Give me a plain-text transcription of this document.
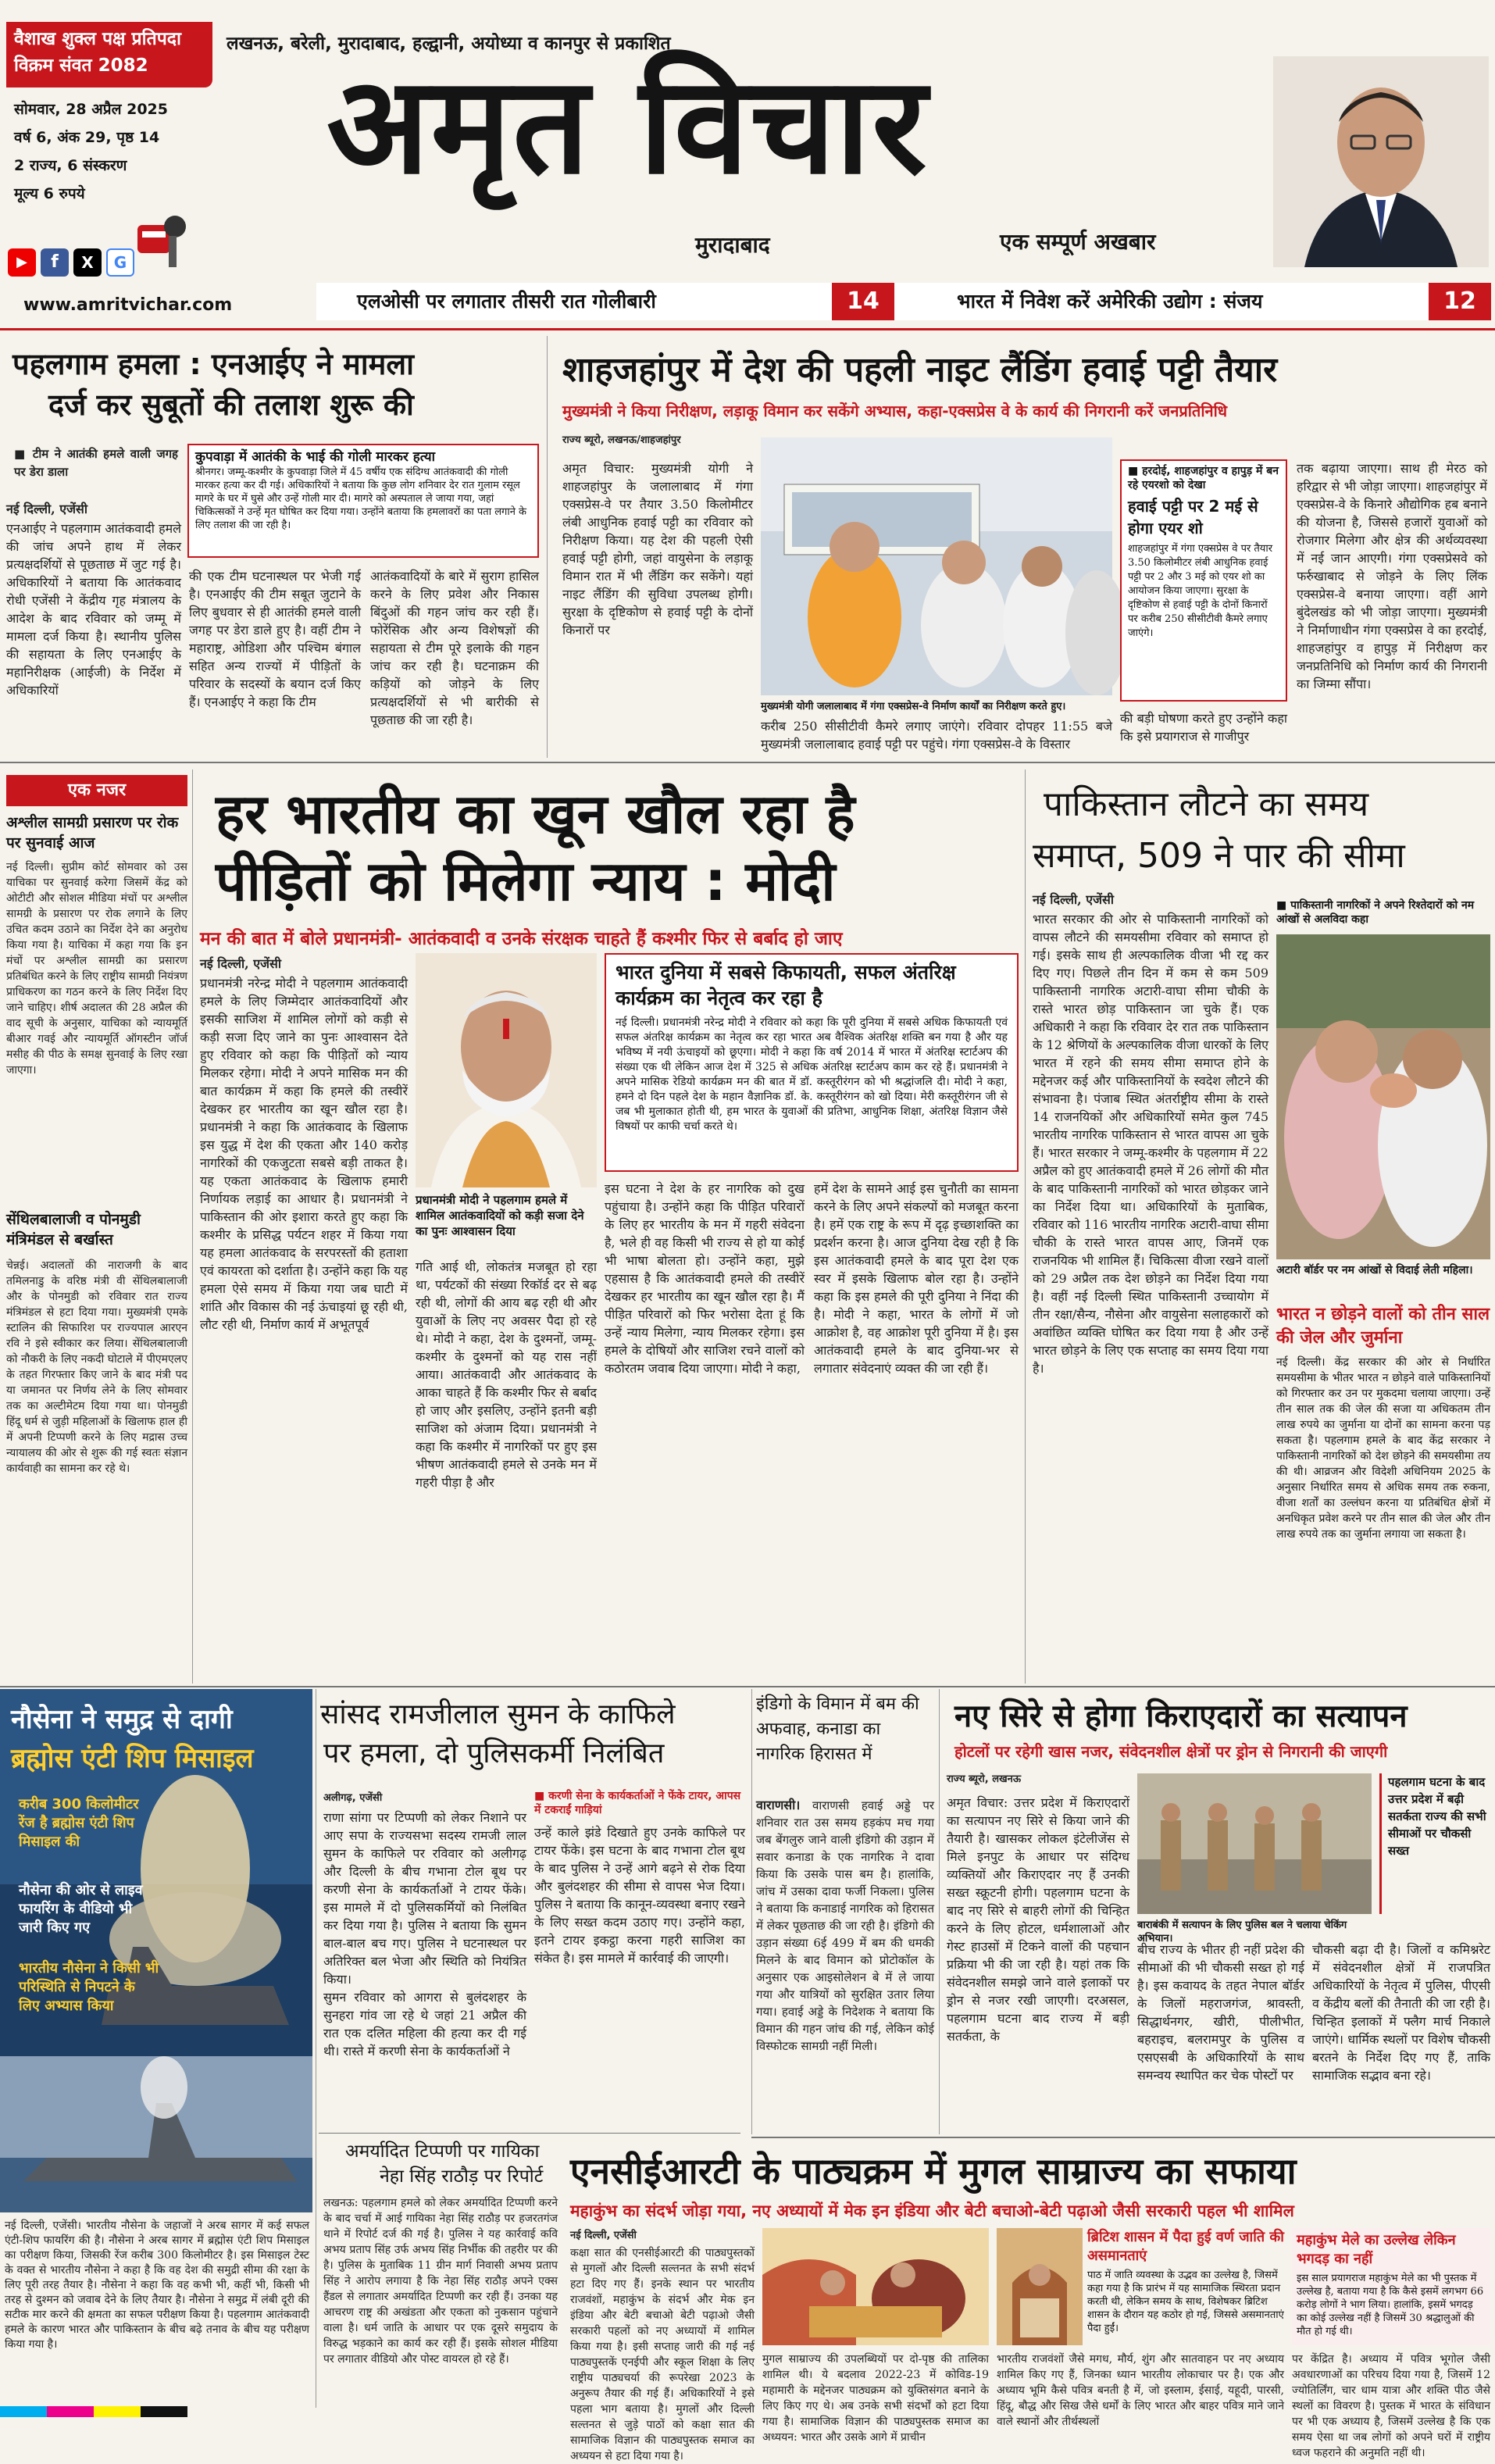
वैशाख शुक्ल पक्ष प्रतिपदा
विक्रम संवत 2082
लखनऊ, बरेली, मुरादाबाद, हल्द्वानी, अयोध्या व कानपुर से प्रकाशित
सोमवार, 28 अप्रैल 2025
वर्ष 6, अंक 29, पृष्ठ 14
2 राज्य, 6 संस्करण
मूल्य 6 रुपये
▶	f	X	G
www.amritvichar.com
अमृत विचार
मुरादाबाद	एक सम्पूर्ण अखबार
एलओसी पर लगातार तीसरी रात गोलीबारी	14	भारत में निवेश करें अमेरिकी उद्योग : संजय	12
पहलगाम हमला : एनआईए ने मामला
दर्ज कर सुबूतों की तलाश शुरू की
■ टीम ने आतंकी हमले वाली जगह पर डेरा डाला
नई दिल्ली, एजेंसी
एनआईए ने पहलगाम आतंकवादी हमले की जांच अपने हाथ में लेकर प्रत्यक्षदर्शियों से पूछताछ में जुट गई है। अधिकारियों ने बताया कि आतंकवाद रोधी एजेंसी ने केंद्रीय गृह मंत्रालय के आदेश के बाद रविवार को जम्मू में मामला दर्ज किया है। स्थानीय पुलिस की सहायता के लिए एनआईए के महानिरीक्षक (आईजी) के निर्देश में अधिकारियों
कुपवाड़ा में आतंकी के भाई की गोली मारकर हत्या
श्रीनगर। जम्मू-कश्मीर के कुपवाड़ा जिले में 45 वर्षीय एक संदिग्ध आतंकवादी की गोली मारकर हत्या कर दी गई। अधिकारियों ने बताया कि कुछ लोग शनिवार देर रात गुलाम रसूल मागरे के घर में घुसे और उन्हें गोली मार दी। मागरे को अस्पताल ले जाया गया, जहां चिकित्सकों ने उन्हें मृत घोषित कर दिया गया। उन्होंने बताया कि हमलावरों का पता लगाने के लिए तलाश की जा रही है।
की एक टीम घटनास्थल पर भेजी गई है। एनआईए की टीम सबूत जुटाने के लिए बुधवार से ही आतंकी हमले वाली जगह पर डेरा डाले हुए है। वहीं टीम ने महाराष्ट्र, ओडिशा और पश्चिम बंगाल सहित अन्य राज्यों में पीड़ितों के परिवार के सदस्यों के बयान दर्ज किए हैं। एनआईए ने कहा कि टीम
आतंकवादियों के बारे में सुराग हासिल करने के लिए प्रवेश और निकास बिंदुओं की गहन जांच कर रही हैं। फोरेंसिक और अन्य विशेषज्ञों की सहायता से टीम पूरे इलाके की गहन जांच कर रही है। घटनाक्रम की कड़ियों को जोड़ने के लिए प्रत्यक्षदर्शियों से भी बारीकी से पूछताछ की जा रही है।
शाहजहांपुर में देश की पहली नाइट लैंडिंग हवाई पट्टी तैयार
मुख्यमंत्री ने किया निरीक्षण, लड़ाकू विमान कर सकेंगे अभ्यास, कहा-एक्सप्रेस वे के कार्य की निगरानी करें जनप्रतिनिधि
राज्य ब्यूरो, लखनऊ/शाहजहांपुर
अमृत विचार: मुख्यमंत्री योगी ने शाहजहांपुर के जलालाबाद में गंगा एक्सप्रेस-वे पर तैयार 3.50 किलोमीटर लंबी आधुनिक हवाई पट्टी का रविवार को निरीक्षण किया। यह देश की पहली ऐसी हवाई पट्टी होगी, जहां वायुसेना के लड़ाकू विमान रात में भी लैंडिंग कर सकेंगे। यहां नाइट लैंडिंग की सुविधा उपलब्ध होगी। सुरक्षा के दृष्टिकोण से हवाई पट्टी के दोनों किनारों पर
मुख्यमंत्री योगी जलालाबाद में गंगा एक्सप्रेस-वे निर्माण कार्यों का निरीक्षण करते हुए।
करीब 250 सीसीटीवी कैमरे लगाए जाएंगे। रविवार दोपहर 11:55 बजे मुख्यमंत्री जलालाबाद हवाई पट्टी पर पहुंचे। गंगा एक्सप्रेस-वे के विस्तार
■ हरदोई, शाहजहांपुर व हापुड़ में बन रहे एयरशो को देखा
हवाई पट्टी पर 2 मई से होगा एयर शो
शाहजहांपुर में गंगा एक्सप्रेस वे पर तैयार 3.50 किलोमीटर लंबी आधुनिक हवाई पट्टी पर 2 और 3 मई को एयर शो का आयोजन किया जाएगा। सुरक्षा के दृष्टिकोण से हवाई पट्टी के दोनों किनारों पर करीब 250 सीसीटीवी कैमरे लगाए जाएंगे।
की बड़ी घोषणा करते हुए उन्होंने कहा कि इसे प्रयागराज से गाजीपुर
तक बढ़ाया जाएगा। साथ ही मेरठ को हरिद्वार से भी जोड़ा जाएगा। शाहजहांपुर में एक्सप्रेस-वे के किनारे औद्योगिक हब बनाने की योजना है, जिससे हजारों युवाओं को रोजगार मिलेगा और क्षेत्र की अर्थव्यवस्था में नई जान आएगी। गंगा एक्सप्रेसवे को फर्रुखाबाद से जोड़ने के लिए लिंक एक्सप्रेस-वे बनाया जाएगा। वहीं आगे बुंदेलखंड को भी जोड़ा जाएगा। मुख्यमंत्री ने निर्माणाधीन गंगा एक्सप्रेस वे का हरदोई, शाहजहांपुर व हापुड़ में निरीक्षण कर जनप्रतिनिधि को निर्माण कार्य की निगरानी का जिम्मा सौंपा।
एक नजर
अश्लील सामग्री प्रसारण पर रोक पर सुनवाई आज
नई दिल्ली। सुप्रीम कोर्ट सोमवार को उस याचिका पर सुनवाई करेगा जिसमें केंद्र को ओटीटी और सोशल मीडिया मंचों पर अश्लील सामग्री के प्रसारण पर रोक लगाने के लिए उचित कदम उठाने का निर्देश देने का अनुरोध किया गया है। याचिका में कहा गया कि इन मंचों पर अश्लील सामग्री का प्रसारण प्रतिबंधित करने के लिए राष्ट्रीय सामग्री नियंत्रण प्राधिकरण का गठन करने के लिए निर्देश दिए जाने चाहिए। शीर्ष अदालत की 28 अप्रैल की वाद सूची के अनुसार, याचिका को न्यायमूर्ति बीआर गवई और न्यायमूर्ति ऑगस्टीन जॉर्ज मसीह की पीठ के समक्ष सुनवाई के लिए रखा जाएगा।
सेंथिलबालाजी व पोनमुडी मंत्रिमंडल से बर्खास्त
चेन्नई। अदालतों की नाराजगी के बाद तमिलनाडु के वरिष्ठ मंत्री वी सेंथिलबालाजी और के पोनमुडी को रविवार रात राज्य मंत्रिमंडल से हटा दिया गया। मुख्यमंत्री एमके स्टालिन की सिफारिश पर राज्यपाल आरएन रवि ने इसे स्वीकार कर लिया। सेंथिलबालाजी को नौकरी के लिए नकदी घोटाले में पीएमएलए के तहत गिरफ्तार किए जाने के बाद मंत्री पद या जमानत पर निर्णय लेने के लिए सोमवार तक का अल्टीमेटम दिया गया था। पोनमुडी हिंदू धर्म से जुड़ी महिलाओं के खिलाफ हाल ही में अपनी टिप्पणी करने के लिए मद्रास उच्च न्यायालय की ओर से शुरू की गई स्वतः संज्ञान कार्यवाही का सामना कर रहे थे।
हर भारतीय का खून खौल रहा है
पीड़ितों को मिलेगा न्याय : मोदी
मन की बात में बोले प्रधानमंत्री- आतंकवादी व उनके संरक्षक चाहते हैं कश्मीर फिर से बर्बाद हो जाए
नई दिल्ली, एजेंसी
प्रधानमंत्री नरेन्द्र मोदी ने पहलगाम आतंकवादी हमले के लिए जिम्मेदार आतंकवादियों और इसकी साजिश में शामिल लोगों को कड़ी से कड़ी सजा दिए जाने का पुनः आश्वासन देते हुए रविवार को कहा कि पीड़ितों को न्याय मिलकर रहेगा। मोदी ने अपने मासिक मन की बात कार्यक्रम में कहा कि हमले की तस्वीरें देखकर हर भारतीय का खून खौल रहा है। प्रधानमंत्री ने कहा कि आतंकवाद के खिलाफ इस युद्ध में देश की एकता और 140 करोड़ नागरिकों की एकजुटता सबसे बड़ी ताकत है। यह एकता आतंकवाद के खिलाफ हमारी निर्णायक लड़ाई का आधार है। प्रधानमंत्री ने पाकिस्तान की ओर इशारा करते हुए कहा कि कश्मीर के प्रसिद्ध पर्यटन शहर में किया गया यह हमला आतंकवाद के सरपरस्तों की हताशा एवं कायरता को दर्शाता है। उन्होंने कहा कि यह हमला ऐसे समय में किया गया जब घाटी में शांति और विकास की नई ऊंचाइयां छू रही थी, लौट रही थी, निर्माण कार्य में अभूतपूर्व
प्रधानमंत्री मोदी ने पहलगाम हमले में शामिल आतंकवादियों को कड़ी सजा देने का पुनः आश्वासन दिया
भारत दुनिया में सबसे किफायती, सफल अंतरिक्ष कार्यक्रम का नेतृत्व कर रहा है
नई दिल्ली। प्रधानमंत्री नरेन्द्र मोदी ने रविवार को कहा कि पूरी दुनिया में सबसे अधिक किफायती एवं सफल अंतरिक्ष कार्यक्रम का नेतृत्व कर रहा भारत अब वैश्विक अंतरिक्ष शक्ति बन गया है और यह भविष्य में नयी ऊंचाइयों को छूएगा। मोदी ने कहा कि वर्ष 2014 में भारत में अंतरिक्ष स्टार्टअप की संख्या एक थी लेकिन आज देश में 325 से अधिक अंतरिक्ष स्टार्टअप काम कर रहे हैं। प्रधानमंत्री ने अपने मासिक रेडियो कार्यक्रम मन की बात में डॉ. कस्तूरीरंगन को भी श्रद्धांजलि दी। मोदी ने कहा, हमने दो दिन पहले देश के महान वैज्ञानिक डॉ. के. कस्तूरीरंगन को खो दिया। मेरी कस्तूरीरंगन जी से जब भी मुलाकात होती थी, हम भारत के युवाओं की प्रतिभा, आधुनिक शिक्षा, अंतरिक्ष विज्ञान जैसे विषयों पर काफी चर्चा करते थे।
गति आई थी, लोकतंत्र मजबूत हो रहा था, पर्यटकों की संख्या रिकॉर्ड दर से बढ़ रही थी, लोगों की आय बढ़ रही थी और युवाओं के लिए नए अवसर पैदा हो रहे थे। मोदी ने कहा, देश के दुश्मनों, जम्मू-कश्मीर के दुश्मनों को यह रास नहीं आया। आतंकवादी और आतंकवाद के आका चाहते हैं कि कश्मीर फिर से बर्बाद हो जाए और इसलिए, उन्होंने इतनी बड़ी साजिश को अंजाम दिया। प्रधानमंत्री ने कहा कि कश्मीर में नागरिकों पर हुए इस भीषण आतंकवादी हमले से उनके मन में गहरी पीड़ा है और
इस घटना ने देश के हर नागरिक को दुख पहुंचाया है। उन्होंने कहा कि पीड़ित परिवारों के लिए हर भारतीय के मन में गहरी संवेदना है, भले ही वह किसी भी राज्य से हो या कोई भी भाषा बोलता हो। उन्होंने कहा, मुझे एहसास है कि आतंकवादी हमले की तस्वीरें देखकर हर भारतीय का खून खौल रहा है। मैं पीड़ित परिवारों को फिर भरोसा देता हूं कि उन्हें न्याय मिलेगा, न्याय मिलकर रहेगा। इस हमले के दोषियों और साजिश रचने वालों को कठोरतम जवाब दिया जाएगा। मोदी ने कहा,
हमें देश के सामने आई इस चुनौती का सामना करने के लिए अपने संकल्पों को मजबूत करना है। हमें एक राष्ट्र के रूप में दृढ़ इच्छाशक्ति का प्रदर्शन करना है। आज दुनिया देख रही है कि इस आतंकवादी हमले के बाद पूरा देश एक स्वर में इसके खिलाफ बोल रहा है। उन्होंने कहा कि इस हमले की पूरी दुनिया ने निंदा की है। मोदी ने कहा, भारत के लोगों में जो आक्रोश है, वह आक्रोश पूरी दुनिया में है। इस आतंकवादी हमले के बाद दुनिया-भर से लगातार संवेदनाएं व्यक्त की जा रही हैं।
पाकिस्तान लौटने का समय
समाप्त, 509 ने पार की सीमा
नई दिल्ली, एजेंसी
भारत सरकार की ओर से पाकिस्तानी नागरिकों को वापस लौटने की समयसीमा रविवार को समाप्त हो गई। इसके साथ ही अल्पकालिक वीजा भी रद्द कर दिए गए। पिछले तीन दिन में कम से कम 509 पाकिस्तानी नागरिक अटारी-वाघा सीमा चौकी के रास्ते भारत छोड़ पाकिस्तान जा चुके हैं। एक अधिकारी ने कहा कि रविवार देर रात तक पाकिस्तान के 12 श्रेणियों के अल्पकालिक वीजा धारकों के लिए भारत में रहने की समय सीमा समाप्त होने के मद्देनजर कई और पाकिस्तानियों के स्वदेश लौटने की संभावना है। पंजाब स्थित अंतर्राष्ट्रीय सीमा के रास्ते 14 राजनयिकों और अधिकारियों समेत कुल 745 भारतीय नागरिक पाकिस्तान से भारत वापस आ चुके हैं। भारत सरकार ने जम्मू-कश्मीर के पहलगाम में 22 अप्रैल को हुए आतंकवादी हमले में 26 लोगों की मौत के बाद पाकिस्तानी नागरिकों को भारत छोड़कर जाने का निर्देश दिया था। अधिकारियों के मुताबिक, रविवार को 116 भारतीय नागरिक अटारी-वाघा सीमा चौकी के रास्ते भारत वापस आए, जिनमें एक राजनयिक भी शामिल हैं। चिकित्सा वीजा रखने वालों को 29 अप्रैल तक देश छोड़ने का निर्देश दिया गया है। वहीं नई दिल्ली स्थित पाकिस्तानी उच्चायोग में तीन रक्षा/सैन्य, नौसेना और वायुसेना सलाहकारों को अवांछित व्यक्ति घोषित कर दिया गया है और उन्हें भारत छोड़ने के लिए एक सप्ताह का समय दिया गया है।
■ पाकिस्तानी नागरिकों ने अपने रिश्तेदारों को नम आंखों से अलविदा कहा
अटारी बॉर्डर पर नम आंखों से विदाई लेती महिला।
भारत न छोड़ने वालों को तीन साल की जेल और जुर्माना
नई दिल्ली। केंद्र सरकार की ओर से निर्धारित समयसीमा के भीतर भारत न छोड़ने वाले पाकिस्तानियों को गिरफ्तार कर उन पर मुकदमा चलाया जाएगा। उन्हें तीन साल तक की जेल की सजा या अधिकतम तीन लाख रुपये का जुर्माना या दोनों का सामना करना पड़ सकता है। पहलगाम हमले के बाद केंद्र सरकार ने पाकिस्तानी नागरिकों को देश छोड़ने की समयसीमा तय की थी। आव्रजन और विदेशी अधिनियम 2025 के अनुसार निर्धारित समय से अधिक समय तक रुकना, वीजा शर्तों का उल्लंघन करना या प्रतिबंधित क्षेत्रों में अनधिकृत प्रवेश करने पर तीन साल की जेल और तीन लाख रुपये तक का जुर्माना लगाया जा सकता है।
नौसेना ने समुद्र से दागी
ब्रह्मोस एंटी शिप मिसाइल
करीब 300 किलोमीटर रेंज है ब्रह्मोस एंटी शिप मिसाइल की
नौसेना की ओर से लाइव फायरिंग के वीडियो भी जारी किए गए
भारतीय नौसेना ने किसी भी परिस्थिति से निपटने के लिए अभ्यास किया
नई दिल्ली, एजेंसी। भारतीय नौसेना के जहाजों ने अरब सागर में कई सफल एंटी-शिप फायरिंग की है। नौसेना ने अरब सागर में ब्रह्मोस एंटी शिप मिसाइल का परीक्षण किया, जिसकी रेंज करीब 300 किलोमीटर है। इस मिसाइल टेस्ट के वक्त से भारतीय नौसेना ने कहा है कि वह देश की समुद्री सीमा की रक्षा के लिए पूरी तरह तैयार है। नौसेना ने कहा कि वह कभी भी, कहीं भी, किसी भी तरह से दुश्मन को जवाब देने के लिए तैयार है। नौसेना ने समुद्र में लंबी दूरी की सटीक मार करने की क्षमता का सफल परीक्षण किया है। पहलगाम आतंकवादी हमले के कारण भारत और पाकिस्तान के बीच बढ़े तनाव के बीच यह परीक्षण किया गया है।
सांसद रामजीलाल सुमन के काफिले
पर हमला, दो पुलिसकर्मी निलंबित
अलीगढ़, एजेंसी
राणा सांगा पर टिप्पणी को लेकर निशाने पर आए सपा के राज्यसभा सदस्य रामजी लाल सुमन के काफिले पर रविवार को अलीगढ़ और दिल्ली के बीच गभाना टोल बूथ पर करणी सेना के कार्यकर्ताओं ने टायर फेंके। इस मामले में दो पुलिसकर्मियों को निलंबित कर दिया गया है। पुलिस ने बताया कि सुमन बाल-बाल बच गए। पुलिस ने घटनास्थल पर अतिरिक्त बल भेजा और स्थिति को नियंत्रित किया।
सुमन रविवार को आगरा से बुलंदशहर के सुनहरा गांव जा रहे थे जहां 21 अप्रैल की रात एक दलित महिला की हत्या कर दी गई थी। रास्ते में करणी सेना के कार्यकर्ताओं ने
■ करणी सेना के कार्यकर्ताओं ने फेंके टायर, आपस में टकराईं गाड़ियां
उन्हें काले झंडे दिखाते हुए उनके काफिले पर टायर फेंके। इस घटना के बाद गभाना टोल बूथ के बाद पुलिस ने उन्हें आगे बढ़ने से रोक दिया और बुलंदशहर की सीमा से वापस भेज दिया। पुलिस ने बताया कि कानून-व्यवस्था बनाए रखने के लिए सख्त कदम उठाए गए। उन्होंने कहा, इतने टायर इकट्ठा करना गहरी साजिश का संकेत है। इस मामले में कार्रवाई की जाएगी।
अमर्यादित टिप्पणी पर गायिका
नेहा सिंह राठौड़ पर रिपोर्ट
लखनऊ: पहलगाम हमले को लेकर अमर्यादित टिप्पणी करने के बाद चर्चा में आई गायिका नेहा सिंह राठौड़ पर हजरतगंज थाने में रिपोर्ट दर्ज की गई है। पुलिस ने यह कार्रवाई कवि अभय प्रताप सिंह उर्फ अभय सिंह निर्भीक की तहरीर पर की है। पुलिस के मुताबिक 11 ग्रीन मार्ग निवासी अभय प्रताप सिंह ने आरोप लगाया है कि नेहा सिंह राठौड़ अपने एक्स हैंडल से लगातार अमर्यादित टिप्पणी कर रही हैं। उनका यह आचरण राष्ट्र की अखंडता और एकता को नुकसान पहुंचाने वाला है। धर्म जाति के आधार पर एक दूसरे समुदाय के विरुद्ध भड़काने का कार्य कर रही हैं। इसके सोशल मीडिया पर लगातार वीडियो और पोस्ट वायरल हो रहे हैं।
इंडिगो के विमान में बम की अफवाह, कनाडा का नागरिक हिरासत में
वाराणसी। वाराणसी हवाई अड्डे पर शनिवार रात उस समय हड़कंप मच गया जब बेंगलुरु जाने वाली इंडिगो की उड़ान में सवार कनाडा के एक नागरिक ने दावा किया कि उसके पास बम है। हालांकि, जांच में उसका दावा फर्जी निकला। पुलिस ने बताया कि कनाडाई नागरिक को हिरासत में लेकर पूछताछ की जा रही है। इंडिगो की उड़ान संख्या 6ई 499 में बम की धमकी मिलने के बाद विमान को प्रोटोकॉल के अनुसार एक आइसोलेशन बे में ले जाया गया और यात्रियों को सुरक्षित उतार लिया गया। हवाई अड्डे के निदेशक ने बताया कि विमान की गहन जांच की गई, लेकिन कोई विस्फोटक सामग्री नहीं मिली।
नए सिरे से होगा किराएदारों का सत्यापन
होटलों पर रहेगी खास नजर, संवेदनशील क्षेत्रों पर ड्रोन से निगरानी की जाएगी
राज्य ब्यूरो, लखनऊ
अमृत विचार: उत्तर प्रदेश में किराएदारों का सत्यापन नए सिरे से किया जाने की तैयारी है। खासकर लोकल इंटेलीजेंस से मिले इनपुट के आधार पर संदिग्ध व्यक्तियों और किराएदार नए हैं उनकी सख्त स्क्रूटनी होगी। पहलगाम घटना के बाद नए सिरे से बाहरी लोगों की चिन्हित करने के लिए होटल, धर्मशालाओं और गेस्ट हाउसों में टिकने वालों की पहचान प्रक्रिया भी की जा रही है। यहां तक कि संवेदनशील समझे जाने वाले इलाकों पर ड्रोन से नजर रखी जाएगी। दरअसल, पहलगाम घटना बाद राज्य में बड़ी सतर्कता, के
बाराबंकी में सत्यापन के लिए पुलिस बल ने चलाया चेकिंग अभियान।
पहलगाम घटना के बाद उत्तर प्रदेश में बढ़ी सतर्कता राज्य की सभी सीमाओं पर चौकसी सख्त
बीच राज्य के भीतर ही नहीं प्रदेश की सीमाओं की भी चौकसी सख्त हो गई है। इस कवायद के तहत नेपाल बॉर्डर के जिलों महराजगंज, श्रावस्ती, सिद्धार्थनगर, खीरी, पीलीभीत, बहराइच, बलरामपुर के पुलिस व एसएसबी के अधिकारियों के साथ समन्वय स्थापित कर चेक पोस्टों पर
चौकसी बढ़ा दी है। जिलों व कमिश्नरेट में संवेदनशील क्षेत्रों में राजपत्रित अधिकारियों के नेतृत्व में पुलिस, पीएसी व केंद्रीय बलों की तैनाती की जा रही है। चिन्हित इलाकों में फ्लैग मार्च निकाले जाएंगे। धार्मिक स्थलों पर विशेष चौकसी बरतने के निर्देश दिए गए हैं, ताकि सामाजिक सद्भाव बना रहे।
एनसीईआरटी के पाठ्यक्रम में मुगल साम्राज्य का सफाया
महाकुंभ का संदर्भ जोड़ा गया, नए अध्यायों में मेक इन इंडिया और बेटी बचाओ-बेटी पढ़ाओ जैसी सरकारी पहल भी शामिल
नई दिल्ली, एजेंसी
कक्षा सात की एनसीईआरटी की पाठ्यपुस्तकों से मुगलों और दिल्ली सल्तनत के सभी संदर्भ हटा दिए गए हैं। इनके स्थान पर भारतीय राजवंशों, महाकुंभ के संदर्भ और मेक इन इंडिया और बेटी बचाओ बेटी पढ़ाओ जैसी सरकारी पहलों को नए अध्यायों में शामिल किया गया है। इसी सप्ताह जारी की गई नई पाठ्यपुस्तकें एनईपी और स्कूल शिक्षा के लिए राष्ट्रीय पाठ्यचर्या की रूपरेखा 2023 के अनुरूप तैयार की गई हैं। अधिकारियों ने इसे पहला भाग बताया है। मुगलों और दिल्ली सल्तनत से जुड़े पाठों को कक्षा सात की सामाजिक विज्ञान की पाठ्यपुस्तक समाज का अध्ययन से हटा दिया गया है।
मुगल साम्राज्य की उपलब्धियों पर दो-पृष्ठ की तालिका शामिल थी। ये बदलाव 2022-23 में कोविड-19 महामारी के मद्देनजर पाठ्यक्रम को युक्तिसंगत बनाने के लिए किए गए थे। अब उनके सभी संदर्भों को हटा दिया गया है। सामाजिक विज्ञान की पाठ्यपुस्तक समाज का अध्ययन: भारत और उसके आगे में प्राचीन
ब्रिटिश शासन में पैदा हुई वर्ण जाति की असमानताएं
पाठ में जाति व्यवस्था के उद्भव का उल्लेख है, जिसमें कहा गया है कि प्रारंभ में यह सामाजिक स्थिरता प्रदान करती थी, लेकिन समय के साथ, विशेषकर ब्रिटिश शासन के दौरान यह कठोर हो गई, जिससे असमानताएं पैदा हुईं।
महाकुंभ मेले का उल्लेख लेकिन भगदड़ का नहीं
इस साल प्रयागराज महाकुंभ मेले का भी पुस्तक में उल्लेख है, बताया गया है कि कैसे इसमें लगभग 66 करोड़ लोगों ने भाग लिया। हालांकि, इसमें भगदड़ का कोई उल्लेख नहीं है जिसमें 30 श्रद्धालुओं की मौत हो गई थी।
भारतीय राजवंशों जैसे मगध, मौर्य, शुंग और सातवाहन पर नए अध्याय शामिल किए गए हैं, जिनका ध्यान भारतीय लोकाचार पर है। एक और अध्याय भूमि कैसे पवित्र बनती है में, जो इस्लाम, ईसाई, यहूदी, पारसी, हिंदू, बौद्ध और सिख जैसे धर्मों के लिए भारत और बाहर पवित्र माने जाने वाले स्थानों और तीर्थस्थलों
पर केंद्रित है। अध्याय में पवित्र भूगोल जैसी अवधारणाओं का परिचय दिया गया है, जिसमें 12 ज्योतिर्लिंग, चार धाम यात्रा और शक्ति पीठ जैसे स्थलों का विवरण है। पुस्तक में भारत के संविधान पर भी एक अध्याय है, जिसमें उल्लेख है कि एक समय ऐसा था जब लोगों को अपने घरों में राष्ट्रीय ध्वज फहराने की अनुमति नहीं थी।
